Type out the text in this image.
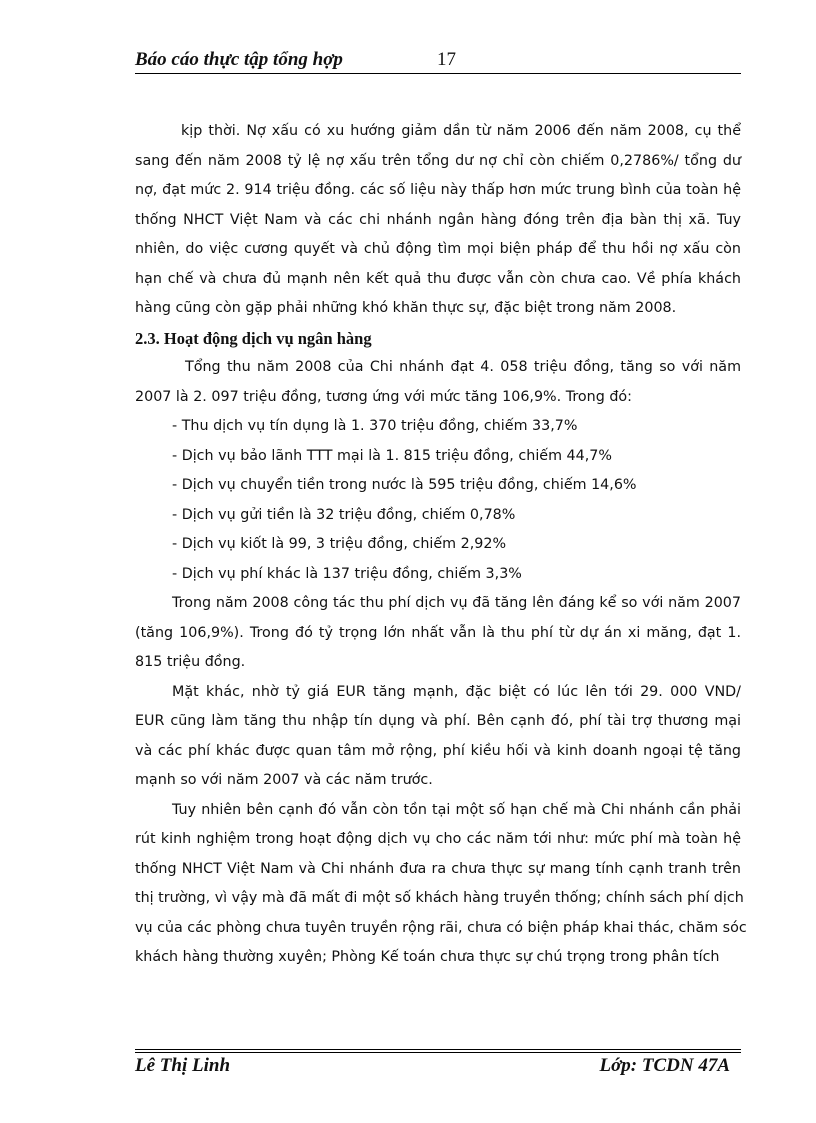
Báo cáo thực tập tổng hợp	17
kịp thời. Nợ xấu có xu hướng giảm dần từ năm 2006 đến năm 2008, cụ thể
sang đến năm 2008 tỷ lệ nợ xấu trên tổng dư nợ chỉ còn chiếm 0,2786%/ tổng dư
nợ, đạt mức 2. 914 triệu đồng. các số liệu này thấp hơn mức trung bình của toàn hệ
thống NHCT Việt Nam và các chi nhánh ngân hàng đóng trên địa bàn thị xã. Tuy
nhiên, do việc cương quyết và chủ động tìm mọi biện pháp để thu hồi nợ xấu còn
hạn chế và chưa đủ mạnh nên kết quả thu được vẫn còn chưa cao. Về phía khách
hàng cũng còn gặp phải những khó khăn thực sự, đặc biệt trong năm 2008.
2.3. Hoạt động dịch vụ ngân hàng
Tổng thu năm 2008 của Chi nhánh đạt 4. 058 triệu đồng, tăng so với năm
2007 là 2. 097 triệu đồng, tương ứng với mức tăng 106,9%. Trong đó:
- Thu dịch vụ tín dụng là 1. 370 triệu đồng, chiếm 33,7%
- Dịch vụ bảo lãnh TTT mại là 1. 815 triệu đồng, chiếm 44,7%
- Dịch vụ chuyển tiền trong nước là 595 triệu đồng, chiếm 14,6%
- Dịch vụ gửi tiền là 32 triệu đồng, chiếm 0,78%
- Dịch vụ kiốt là 99, 3 triệu đồng, chiếm 2,92%
- Dịch vụ phí khác là 137 triệu đồng, chiếm 3,3%
Trong năm 2008 công tác thu phí dịch vụ đã tăng lên đáng kể so với năm 2007
(tăng 106,9%). Trong đó tỷ trọng lớn nhất vẫn là thu phí từ dự án xi măng, đạt 1.
815 triệu đồng.
Mặt khác, nhờ tỷ giá EUR tăng mạnh, đặc biệt có lúc lên tới 29. 000 VND/
EUR cũng làm tăng thu nhập tín dụng và phí. Bên cạnh đó, phí tài trợ thương mại
và các phí khác được quan tâm mở rộng, phí kiều hối và kinh doanh ngoại tệ tăng
mạnh so với năm 2007 và các năm trước.
Tuy nhiên bên cạnh đó vẫn còn tồn tại một số hạn chế mà Chi nhánh cần phải
rút kinh nghiệm trong hoạt động dịch vụ cho các năm tới như: mức phí mà toàn hệ
thống NHCT Việt Nam và Chi nhánh đưa ra chưa thực sự mang tính cạnh tranh trên
thị trường, vì vậy mà đã mất đi một số khách hàng truyền thống; chính sách phí dịch
vụ của các phòng chưa tuyên truyền rộng rãi, chưa có biện pháp khai thác, chăm sóc
khách hàng thường xuyên; Phòng Kế toán chưa thực sự chú trọng trong phân tích
Lê Thị Linh	Lớp: TCDN 47A
